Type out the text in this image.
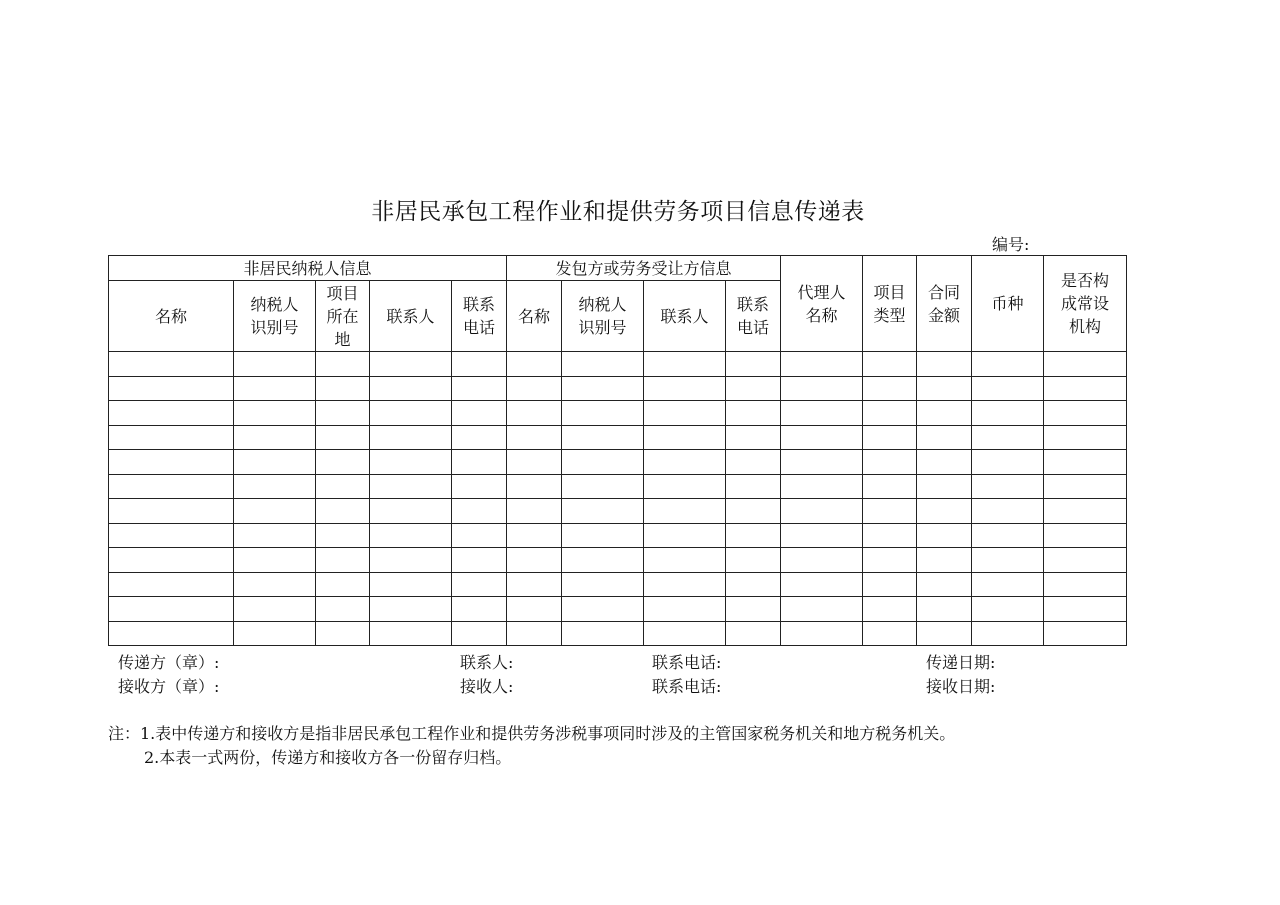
非居民承包工程作业和提供劳务项目信息传递表
编号:
非居民纳税人信息					发包方或劳务受让方信息				代理人名称	项目类型	合同金额	币种	是否构成常设机构
名称	纳税人识别号	项目所在地	联系人	联系电话	名称	纳税人识别号	联系人	联系电话					

传递方（章）:	联系人:	联系电话:	传递日期:
接收方（章）:	接收人:	联系电话:	接收日期:
注：1.表中传递方和接收方是指非居民承包工程作业和提供劳务涉税事项同时涉及的主管国家税务机关和地方税务机关。
2.本表一式两份，传递方和接收方各一份留存归档。
